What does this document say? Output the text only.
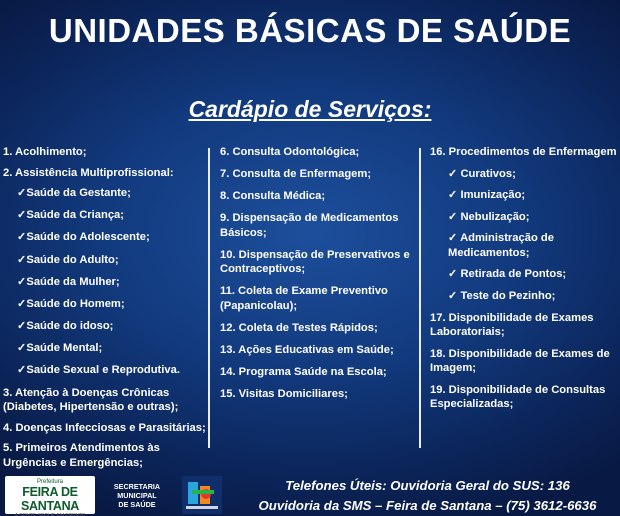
UNIDADES BÁSICAS DE SAÚDE
Cardápio de Serviços:
1. Acolhimento;
2. Assistência Multiprofissional:
✓Saúde da Gestante;
✓Saúde da Criança;
✓Saúde do Adolescente;
✓Saúde do Adulto;
✓Saúde da Mulher;
✓Saúde do Homem;
✓Saúde do idoso;
✓Saúde Mental;
✓Saúde Sexual e Reprodutiva.
3. Atenção à Doenças Crônicas (Diabetes, Hipertensão e outras);
4. Doenças Infecciosas e Parasitárias;
5. Primeiros Atendimentos às Urgências e Emergências;
6. Consulta Odontológica;
7. Consulta de Enfermagem;
8. Consulta Médica;
9. Dispensação de Medicamentos Básicos;
10. Dispensação de Preservativos e Contraceptivos;
11. Coleta de Exame Preventivo (Papanicolau);
12. Coleta de Testes Rápidos;
13. Ações Educativas em Saúde;
14. Programa Saúde na Escola;
15. Visitas Domiciliares;
16. Procedimentos de Enfermagem
✓ Curativos;
✓ Imunização;
✓ Nebulização;
✓ Administração de Medicamentos;
✓ Retirada de Pontos;
✓ Teste do Pezinho;
17. Disponibilidade de Exames Laboratoriais;
18. Disponibilidade de Exames de Imagem;
19. Disponibilidade de Consultas Especializadas;
Prefeitura
FEIRA DE SANTANA
A GENTE SEGUE EM FRENTE
SECRETARIA
MUNICIPAL
DE SAÚDE
Telefones Úteis: Ouvidoria Geral do SUS: 136
Ouvidoria da SMS – Feira de Santana – (75) 3612-6636
